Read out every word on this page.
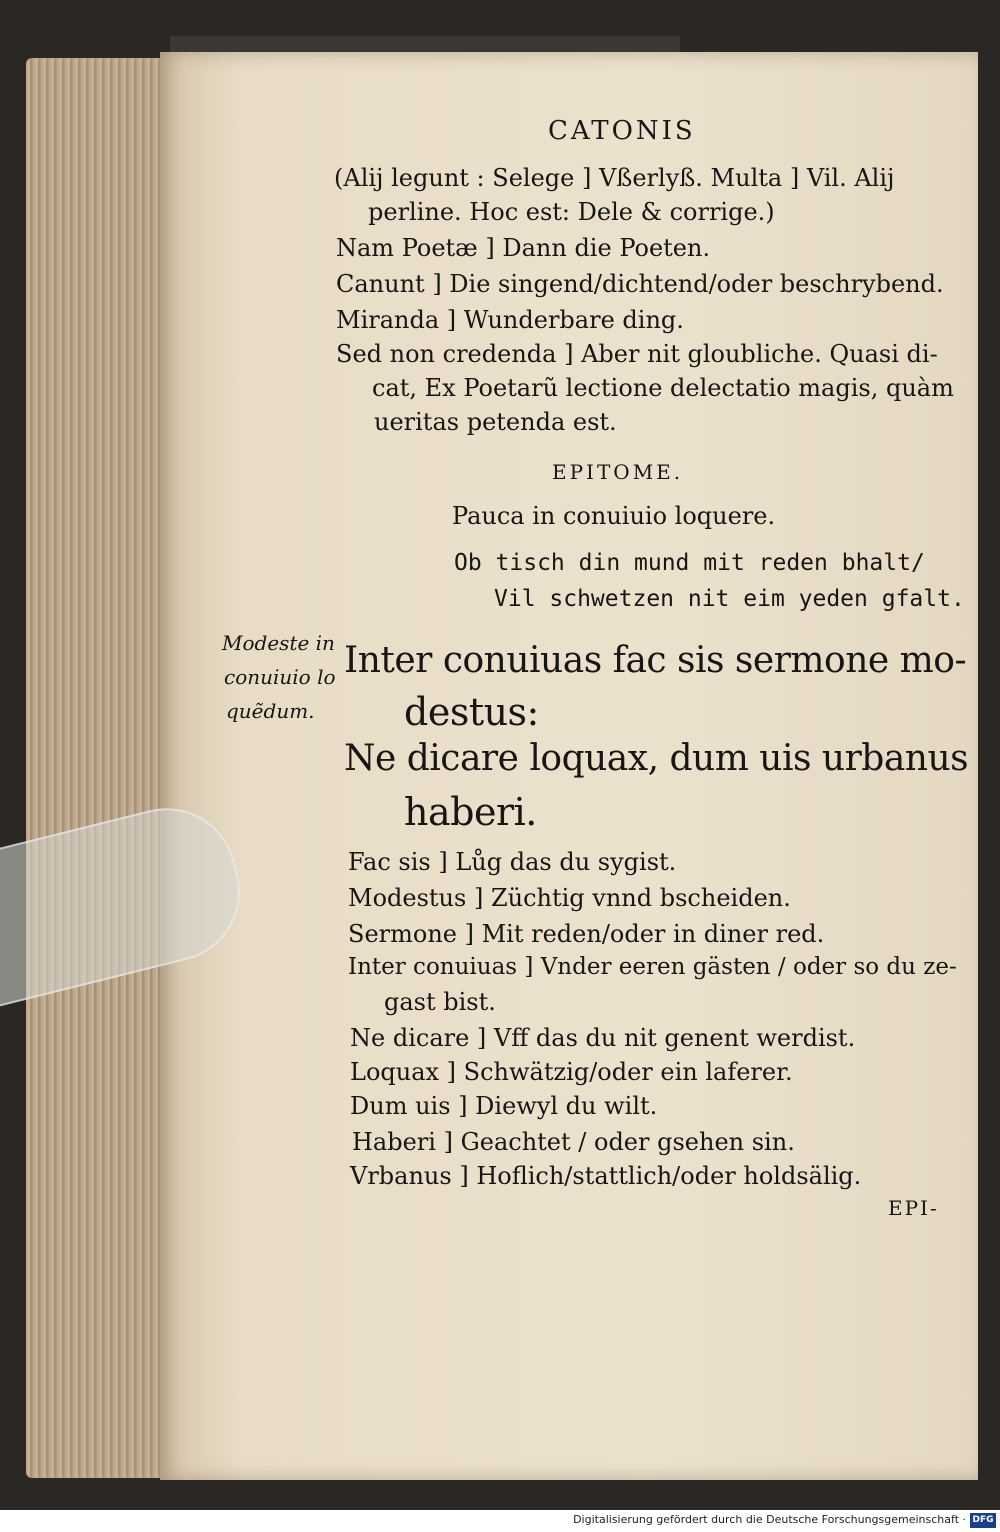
CATONIS
(Alij legunt : Selege ] Vßerlyß. Multa ] Vil. Alij
perline. Hoc est: Dele & corrige.)
Nam Poetæ ] Dann die Poeten.
Canunt ] Die singend/dichtend/oder beschrybend.
Miranda ] Wunderbare ding.
Sed non credenda ] Aber nit gloubliche. Quasi di-
cat, Ex Poetarũ lectione delectatio magis, quàm
ueritas petenda est.
EPITOME.
Pauca in conuiuio loquere.
Ob tisch din mund mit reden bhalt/
Vil schwetzen nit eim yeden gfalt.
Modeste in
conuiuio lo
quẽdum.
Inter conuiuas fac sis sermone mo-
destus:
Ne dicare loquax, dum uis urbanus
haberi.
Fac sis ] Lůg das du sygist.
Modestus ] Züchtig vnnd bscheiden.
Sermone ] Mit reden/oder in diner red.
Inter conuiuas ] Vnder eeren gästen / oder so du ze-
gast bist.
Ne dicare ] Vff das du nit genent werdist.
Loquax ] Schwätzig/oder ein laferer.
Dum uis ] Diewyl du wilt.
Haberi ] Geachtet / oder gsehen sin.
Vrbanus ] Hoflich/stattlich/oder holdsälig.
EPI-
Digitalisierung gefördert durch die Deutsche Forschungsgemeinschaft · DFG
